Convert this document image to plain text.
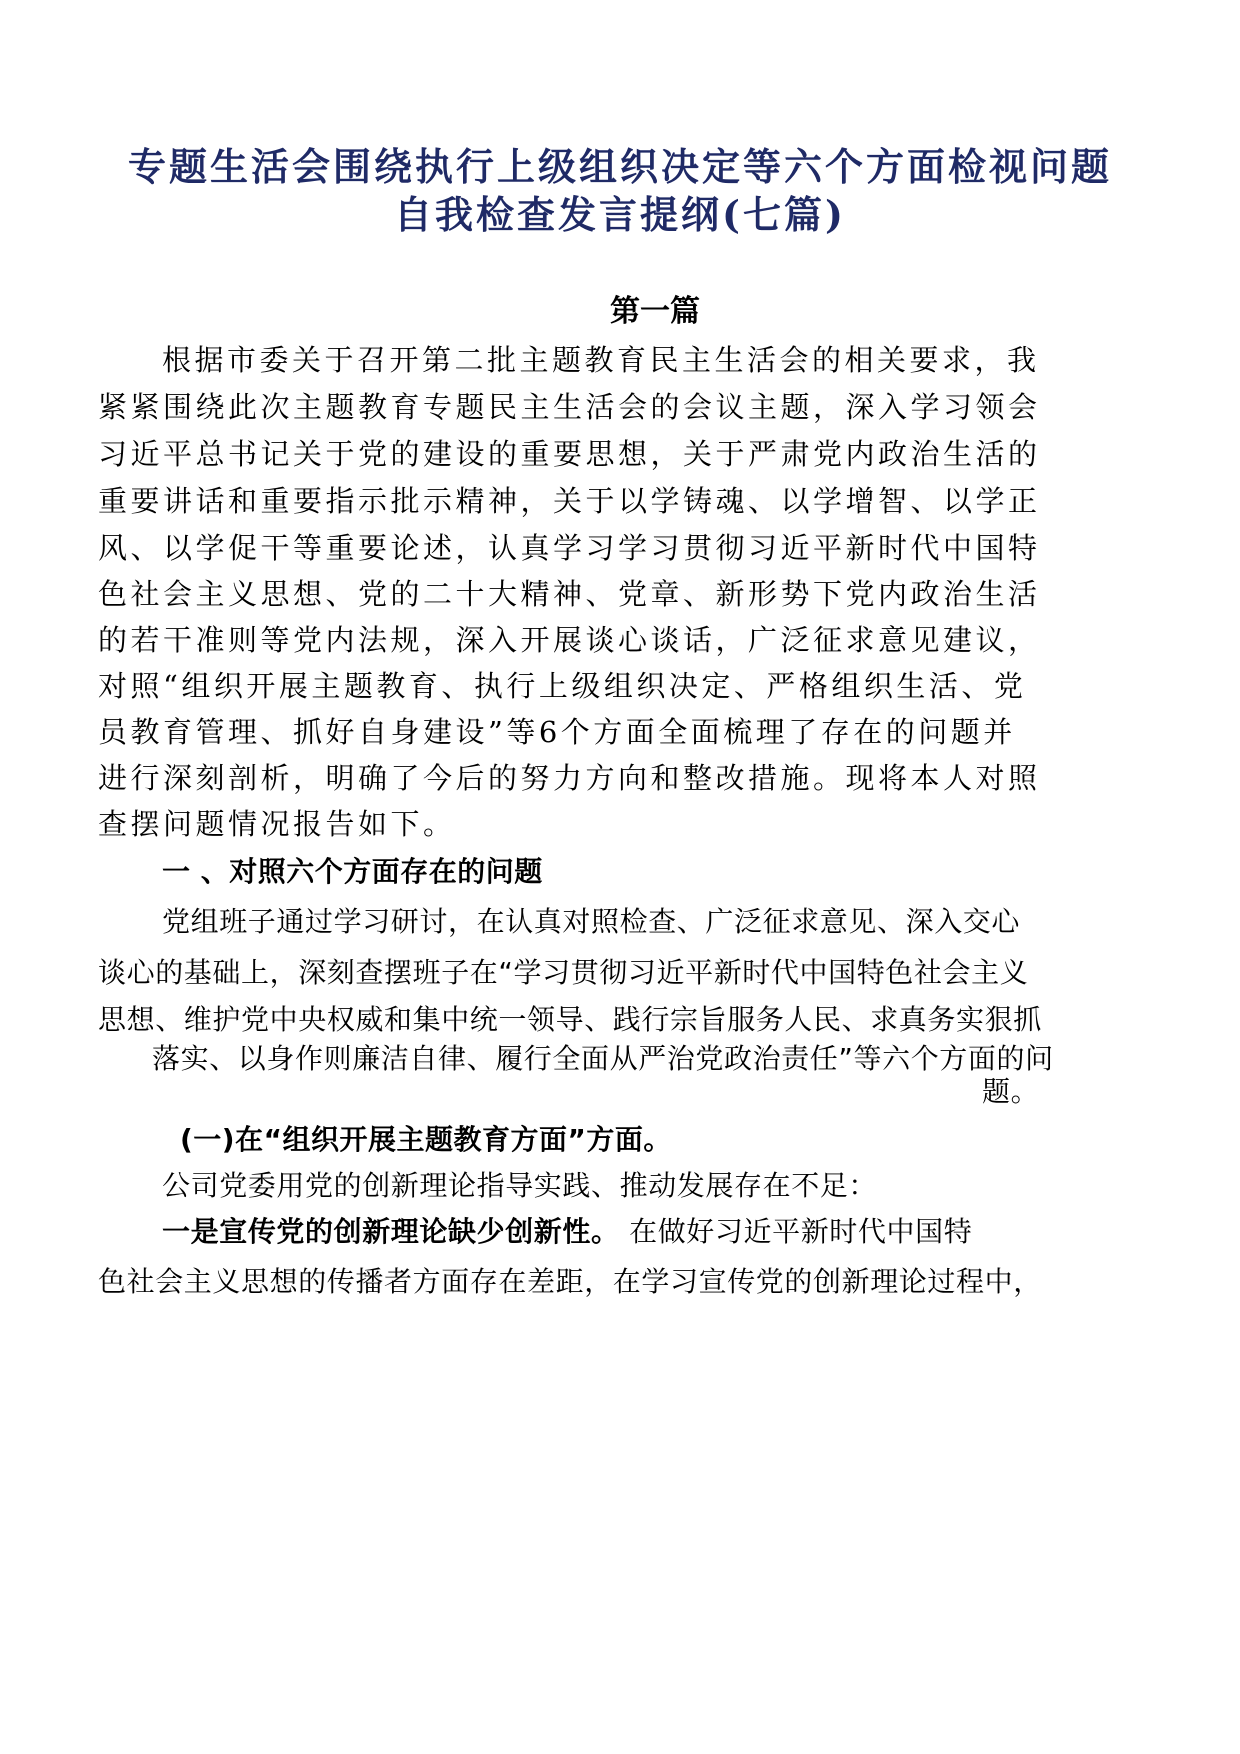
专题生活会围绕执行上级组织决定等六个方面检视问题
自我检查发言提纲(七篇)
第一篇
根据市委关于召开第二批主题教育民主生活会的相关要求，我
紧紧围绕此次主题教育专题民主生活会的会议主题，深入学习领会
习近平总书记关于党的建设的重要思想，关于严肃党内政治生活的
重要讲话和重要指示批示精神，关于以学铸魂、以学增智、以学正
风、以学促干等重要论述，认真学习学习贯彻习近平新时代中国特
色社会主义思想、党的二十大精神、党章、新形势下党内政治生活
的若干准则等党内法规，深入开展谈心谈话，广泛征求意见建议，
对照“组织开展主题教育、执行上级组织决定、严格组织生活、党
员教育管理、抓好自身建设”等6个方面全面梳理了存在的问题并
进行深刻剖析，明确了今后的努力方向和整改措施。现将本人对照
查摆问题情况报告如下。
一 、对照六个方面存在的问题
党组班子通过学习研讨，在认真对照检查、广泛征求意见、深入交心
谈心的基础上，深刻查摆班子在“学习贯彻习近平新时代中国特色社会主义
思想、维护党中央权威和集中统一领导、践行宗旨服务人民、求真务实狠抓
落实、以身作则廉洁自律、履行全面从严治党政治责任”等六个方面的问
题。
(一)在“组织开展主题教育方面”方面。
公司党委用党的创新理论指导实践、推动发展存在不足：
一是宣传党的创新理论缺少创新性。 在做好习近平新时代中国特
色社会主义思想的传播者方面存在差距，在学习宣传党的创新理论过程中，
